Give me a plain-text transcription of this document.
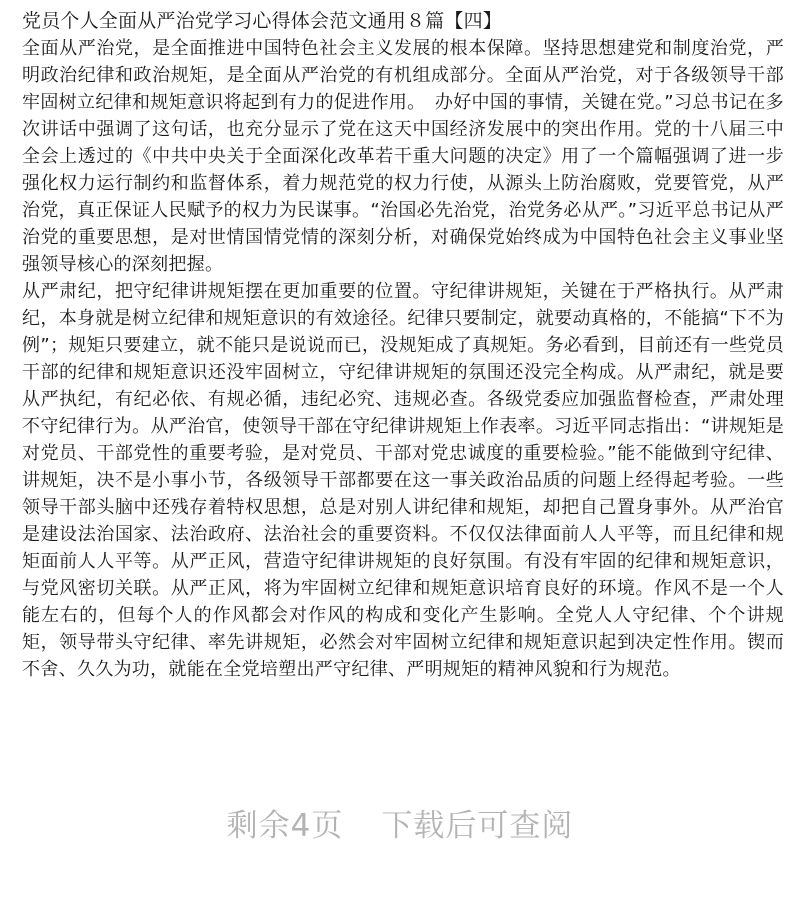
党员个人全面从严治党学习心得体会范文通用８篇【四】

全面从严治党，是全面推进中国特色社会主义发展的根本保障。坚持思想建党和制度治党，严明政治纪律和政治规矩，是全面从严治党的有机组成部分。全面从严治党，对于各级领导干部牢固树立纪律和规矩意识将起到有力的促进作用。　办好中国的事情，关键在党。”习总书记在多次讲话中强调了这句话，也充分显示了党在这天中国经济发展中的突出作用。党的十八届三中全会上透过的《中共中央关于全面深化改革若干重大问题的决定》用了一个篇幅强调了进一步强化权力运行制约和监督体系，着力规范党的权力行使，从源头上防治腐败，党要管党，从严治党，真正保证人民赋予的权力为民谋事。“治国必先治党，治党务必从严。”习近平总书记从严治党的重要思想，是对世情国情党情的深刻分析，对确保党始终成为中国特色社会主义事业坚强领导核心的深刻把握。

从严肃纪，把守纪律讲规矩摆在更加重要的位置。守纪律讲规矩，关键在于严格执行。从严肃纪，本身就是树立纪律和规矩意识的有效途径。纪律只要制定，就要动真格的，不能搞“下不为例”；规矩只要建立，就不能只是说说而已，没规矩成了真规矩。务必看到，目前还有一些党员干部的纪律和规矩意识还没牢固树立，守纪律讲规矩的氛围还没完全构成。从严肃纪，就是要从严执纪，有纪必依、有规必循，违纪必究、违规必查。各级党委应加强监督检查，严肃处理不守纪律行为。从严治官，使领导干部在守纪律讲规矩上作表率。习近平同志指出：“讲规矩是对党员、干部党性的重要考验，是对党员、干部对党忠诚度的重要检验。”能不能做到守纪律、讲规矩，决不是小事小节，各级领导干部都要在这一事关政治品质的问题上经得起考验。一些领导干部头脑中还残存着特权思想，总是对别人讲纪律和规矩，却把自己置身事外。从严治官是建设法治国家、法治政府、法治社会的重要资料。不仅仅法律面前人人平等，而且纪律和规矩面前人人平等。从严正风，营造守纪律讲规矩的良好氛围。有没有牢固的纪律和规矩意识，与党风密切关联。从严正风，将为牢固树立纪律和规矩意识培育良好的环境。作风不是一个人能左右的，但每个人的作风都会对作风的构成和变化产生影响。全党人人守纪律、个个讲规矩，领导带头守纪律、率先讲规矩，必然会对牢固树立纪律和规矩意识起到决定性作用。锲而不舍、久久为功，就能在全党培塑出严守纪律、严明规矩的精神风貌和行为规范。

剩余4页 下载后可查阅
